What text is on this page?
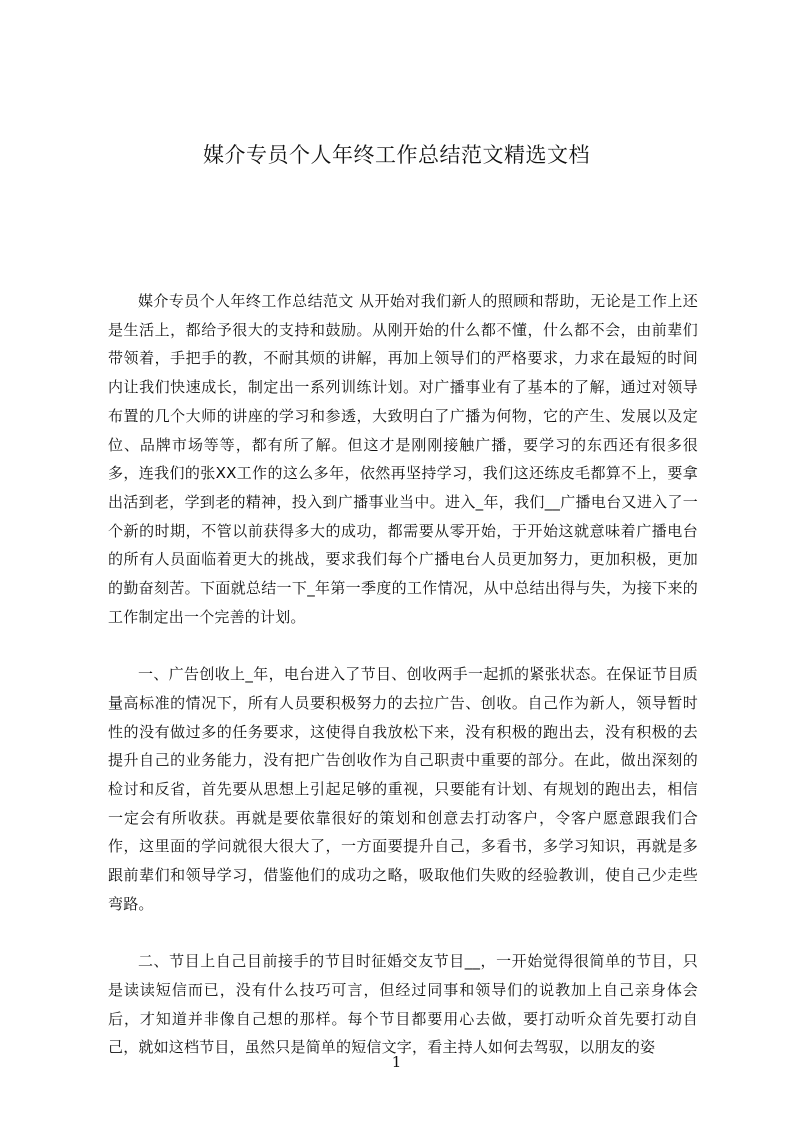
媒介专员个人年终工作总结范文精选文档

媒介专员个人年终工作总结范文 从开始对我们新人的照顾和帮助，无论是工作上还是生活上，都给予很大的支持和鼓励。从刚开始的什么都不懂，什么都不会，由前辈们带领着，手把手的教，不耐其烦的讲解，再加上领导们的严格要求，力求在最短的时间内让我们快速成长，制定出一系列训练计划。对广播事业有了基本的了解，通过对领导布置的几个大师的讲座的学习和参透，大致明白了广播为何物，它的产生、发展以及定位、品牌市场等等，都有所了解。但这才是刚刚接触广播，要学习的东西还有很多很多，连我们的张XX工作的这么多年，依然再坚持学习，我们这还练皮毛都算不上，要拿出活到老，学到老的精神，投入到广播事业当中。进入_年，我们__广播电台又进入了一个新的时期，不管以前获得多大的成功，都需要从零开始，于开始这就意味着广播电台的所有人员面临着更大的挑战，要求我们每个广播电台人员更加努力，更加积极，更加的勤奋刻苦。下面就总结一下_年第一季度的工作情况，从中总结出得与失，为接下来的工作制定出一个完善的计划。

一、广告创收上_年，电台进入了节目、创收两手一起抓的紧张状态。在保证节目质量高标准的情况下，所有人员要积极努力的去拉广告、创收。自己作为新人，领导暂时性的没有做过多的任务要求，这使得自我放松下来，没有积极的跑出去，没有积极的去提升自己的业务能力，没有把广告创收作为自己职责中重要的部分。在此，做出深刻的检讨和反省，首先要从思想上引起足够的重视，只要能有计划、有规划的跑出去，相信一定会有所收获。再就是要依靠很好的策划和创意去打动客户，令客户愿意跟我们合作，这里面的学问就很大很大了，一方面要提升自己，多看书，多学习知识，再就是多跟前辈们和领导学习，借鉴他们的成功之略，吸取他们失败的经验教训，使自己少走些弯路。

二、节目上自己目前接手的节目时征婚交友节目__，一开始觉得很简单的节目，只是读读短信而已，没有什么技巧可言，但经过同事和领导们的说教加上自己亲身体会后，才知道并非像自己想的那样。每个节目都要用心去做，要打动听众首先要打动自己，就如这档节目，虽然只是简单的短信文字，看主持人如何去驾驭，以朋友的姿

1
